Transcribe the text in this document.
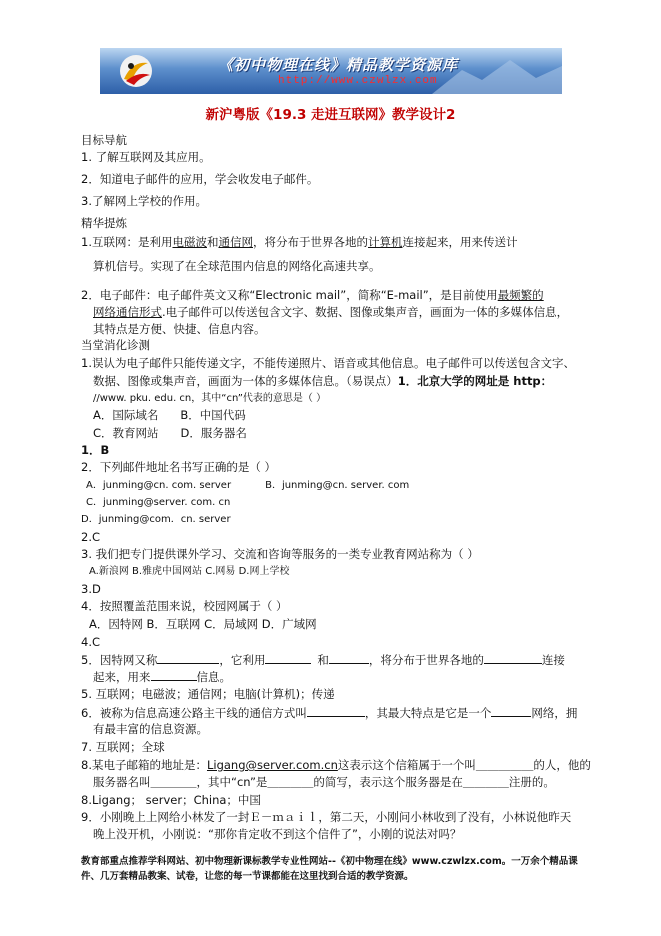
《初中物理在线》精品教学资源库
http://www.czwlzx.com
新沪粤版《19.3 走进互联网》教学设计2
目标导航
1. 了解互联网及其应用。
2．知道电子邮件的应用，学会收发电子邮件。
3.了解网上学校的作用。
精华提炼
1.互联网：是利用电磁波和通信网，将分布于世界各地的计算机连接起来，用来传送计
算机信号。实现了在全球范围内信息的网络化高速共享。
2．电子邮件：电子邮件英文又称“Electronic mail”，简称“E-mail”，是目前使用最频繁的
网络通信形式.电子邮件可以传送包含文字、数据、图像或集声音，画面为一体的多媒体信息，
其特点是方便、快捷、信息内容。
当堂消化诊测
1.误认为电子邮件只能传递文字，不能传递照片、语音或其他信息。电子邮件可以传送包含文字、
数据、图像或集声音，画面为一体的多媒体信息。（易误点）1．北京大学的网址是 http：
//www. pku. edu. cn，其中“cn”代表的意思是（ ）
A．国际域名 B．中国代码
C．教育网站 D．服务器名
1．B
2．下列邮件地址名书写正确的是（ ）
A．junming@cn. com. server	B．junming@cn. server. com
C．junming@server. com. cn
D．junming@com．cn. server
2.C
3. 我们把专门提供课外学习、交流和咨询等服务的一类专业教育网站称为（ ）
A.新浪网 B.雅虎中国网站 C.网易 D.网上学校
3.D
4．按照覆盖范围来说，校园网属于（ ）
A．因特网 B．互联网 C．局域网 D．广域网
4.C
5．因特网又称	，它利用	和	，将分布于世界各地的	连接
起来，用来	信息。
5. 互联网；电磁波；通信网；电脑(计算机)；传递
6．被称为信息高速公路主干线的通信方式叫	，其最大特点是它是一个	网络，拥
有最丰富的信息资源。
7. 互联网；全球
8.某电子邮箱的地址是：Ligang@server.com.cn这表示这个信箱属于一个叫＿＿＿＿＿的人，他的
服务器名叫＿＿＿＿，其中“cn”是＿＿＿＿的简写，表示这个服务器是在＿＿＿＿注册的。
8.Ligang； server；China；中国
9．小刚晚上上网给小林发了一封Ｅ－ｍａｉｌ，第二天，小刚问小林收到了没有，小林说他昨天
晚上没开机，小刚说：“那你肯定收不到这个信件了”，小刚的说法对吗？
教育部重点推荐学科网站、初中物理新课标教学专业性网站--《初中物理在线》www.czwlzx.com。一万余个精品课
件、几万套精品教案、试卷，让您的每一节课都能在这里找到合适的教学资源。
